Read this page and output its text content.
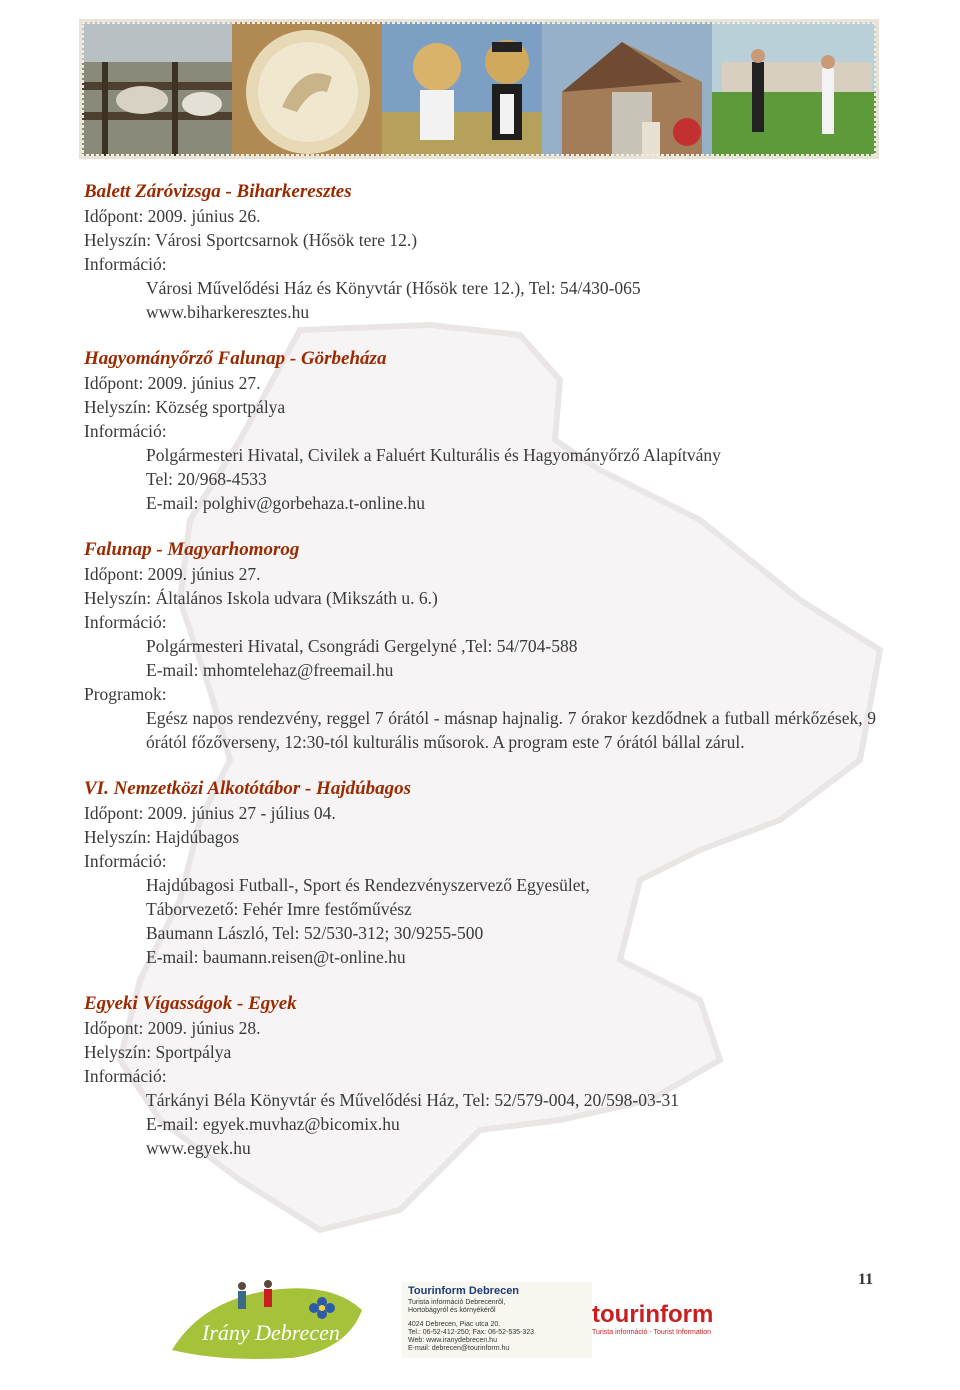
Balett Záróvizsga - Biharkeresztes
Időpont: 2009. június 26.
Helyszín: Városi Sportcsarnok (Hősök tere 12.)
Információ:
Városi Művelődési Ház és Könyvtár (Hősök tere 12.), Tel: 54/430-065
www.biharkeresztes.hu
Hagyományőrző Falunap - Görbeháza
Időpont: 2009. június 27.
Helyszín: Község sportpálya
Információ:
Polgármesteri Hivatal, Civilek a Faluért Kulturális és Hagyományőrző Alapítvány
Tel: 20/968-4533
E-mail: polghiv@gorbehaza.t-online.hu
Falunap - Magyarhomorog
Időpont: 2009. június 27.
Helyszín: Általános Iskola udvara (Mikszáth u. 6.)
Információ:
Polgármesteri Hivatal, Csongrádi Gergelyné ,Tel: 54/704-588
E-mail: mhomtelehaz@freemail.hu
Programok:
Egész napos rendezvény, reggel 7 órától - másnap hajnalig. 7 órakor kezdődnek a futball mérkőzések, 9 órától főzőverseny, 12:30-tól kulturális műsorok. A program este 7 órától bállal zárul.
VI. Nemzetközi Alkotótábor - Hajdúbagos
Időpont: 2009. június 27 - július 04.
Helyszín: Hajdúbagos
Információ:
Hajdúbagosi Futball-, Sport és Rendezvényszervező Egyesület,
Táborvezető: Fehér Imre festőművész
Baumann László, Tel: 52/530-312; 30/9255-500
E-mail: baumann.reisen@t-online.hu
Egyeki Vígasságok - Egyek
Időpont: 2009. június 28.
Helyszín: Sportpálya
Információ:
Tárkányi Béla Könyvtár és Művelődési Ház, Tel: 52/579-004, 20/598-03-31
E-mail: egyek.muvhaz@bicomix.hu
www.egyek.hu
Irány Debrecen
Tourinform Debrecen
Turista információ Debrecenről,
Hortobágyról és környékéről
4024 Debrecen, Piac utca 20.
Tel.: 06-52-412-250; Fax: 06-52-535-323
Web: www.iranydebrecen.hu
E-mail: debrecen@tourinform.hu
tourinform
Turista információ - Tourist Information
11
